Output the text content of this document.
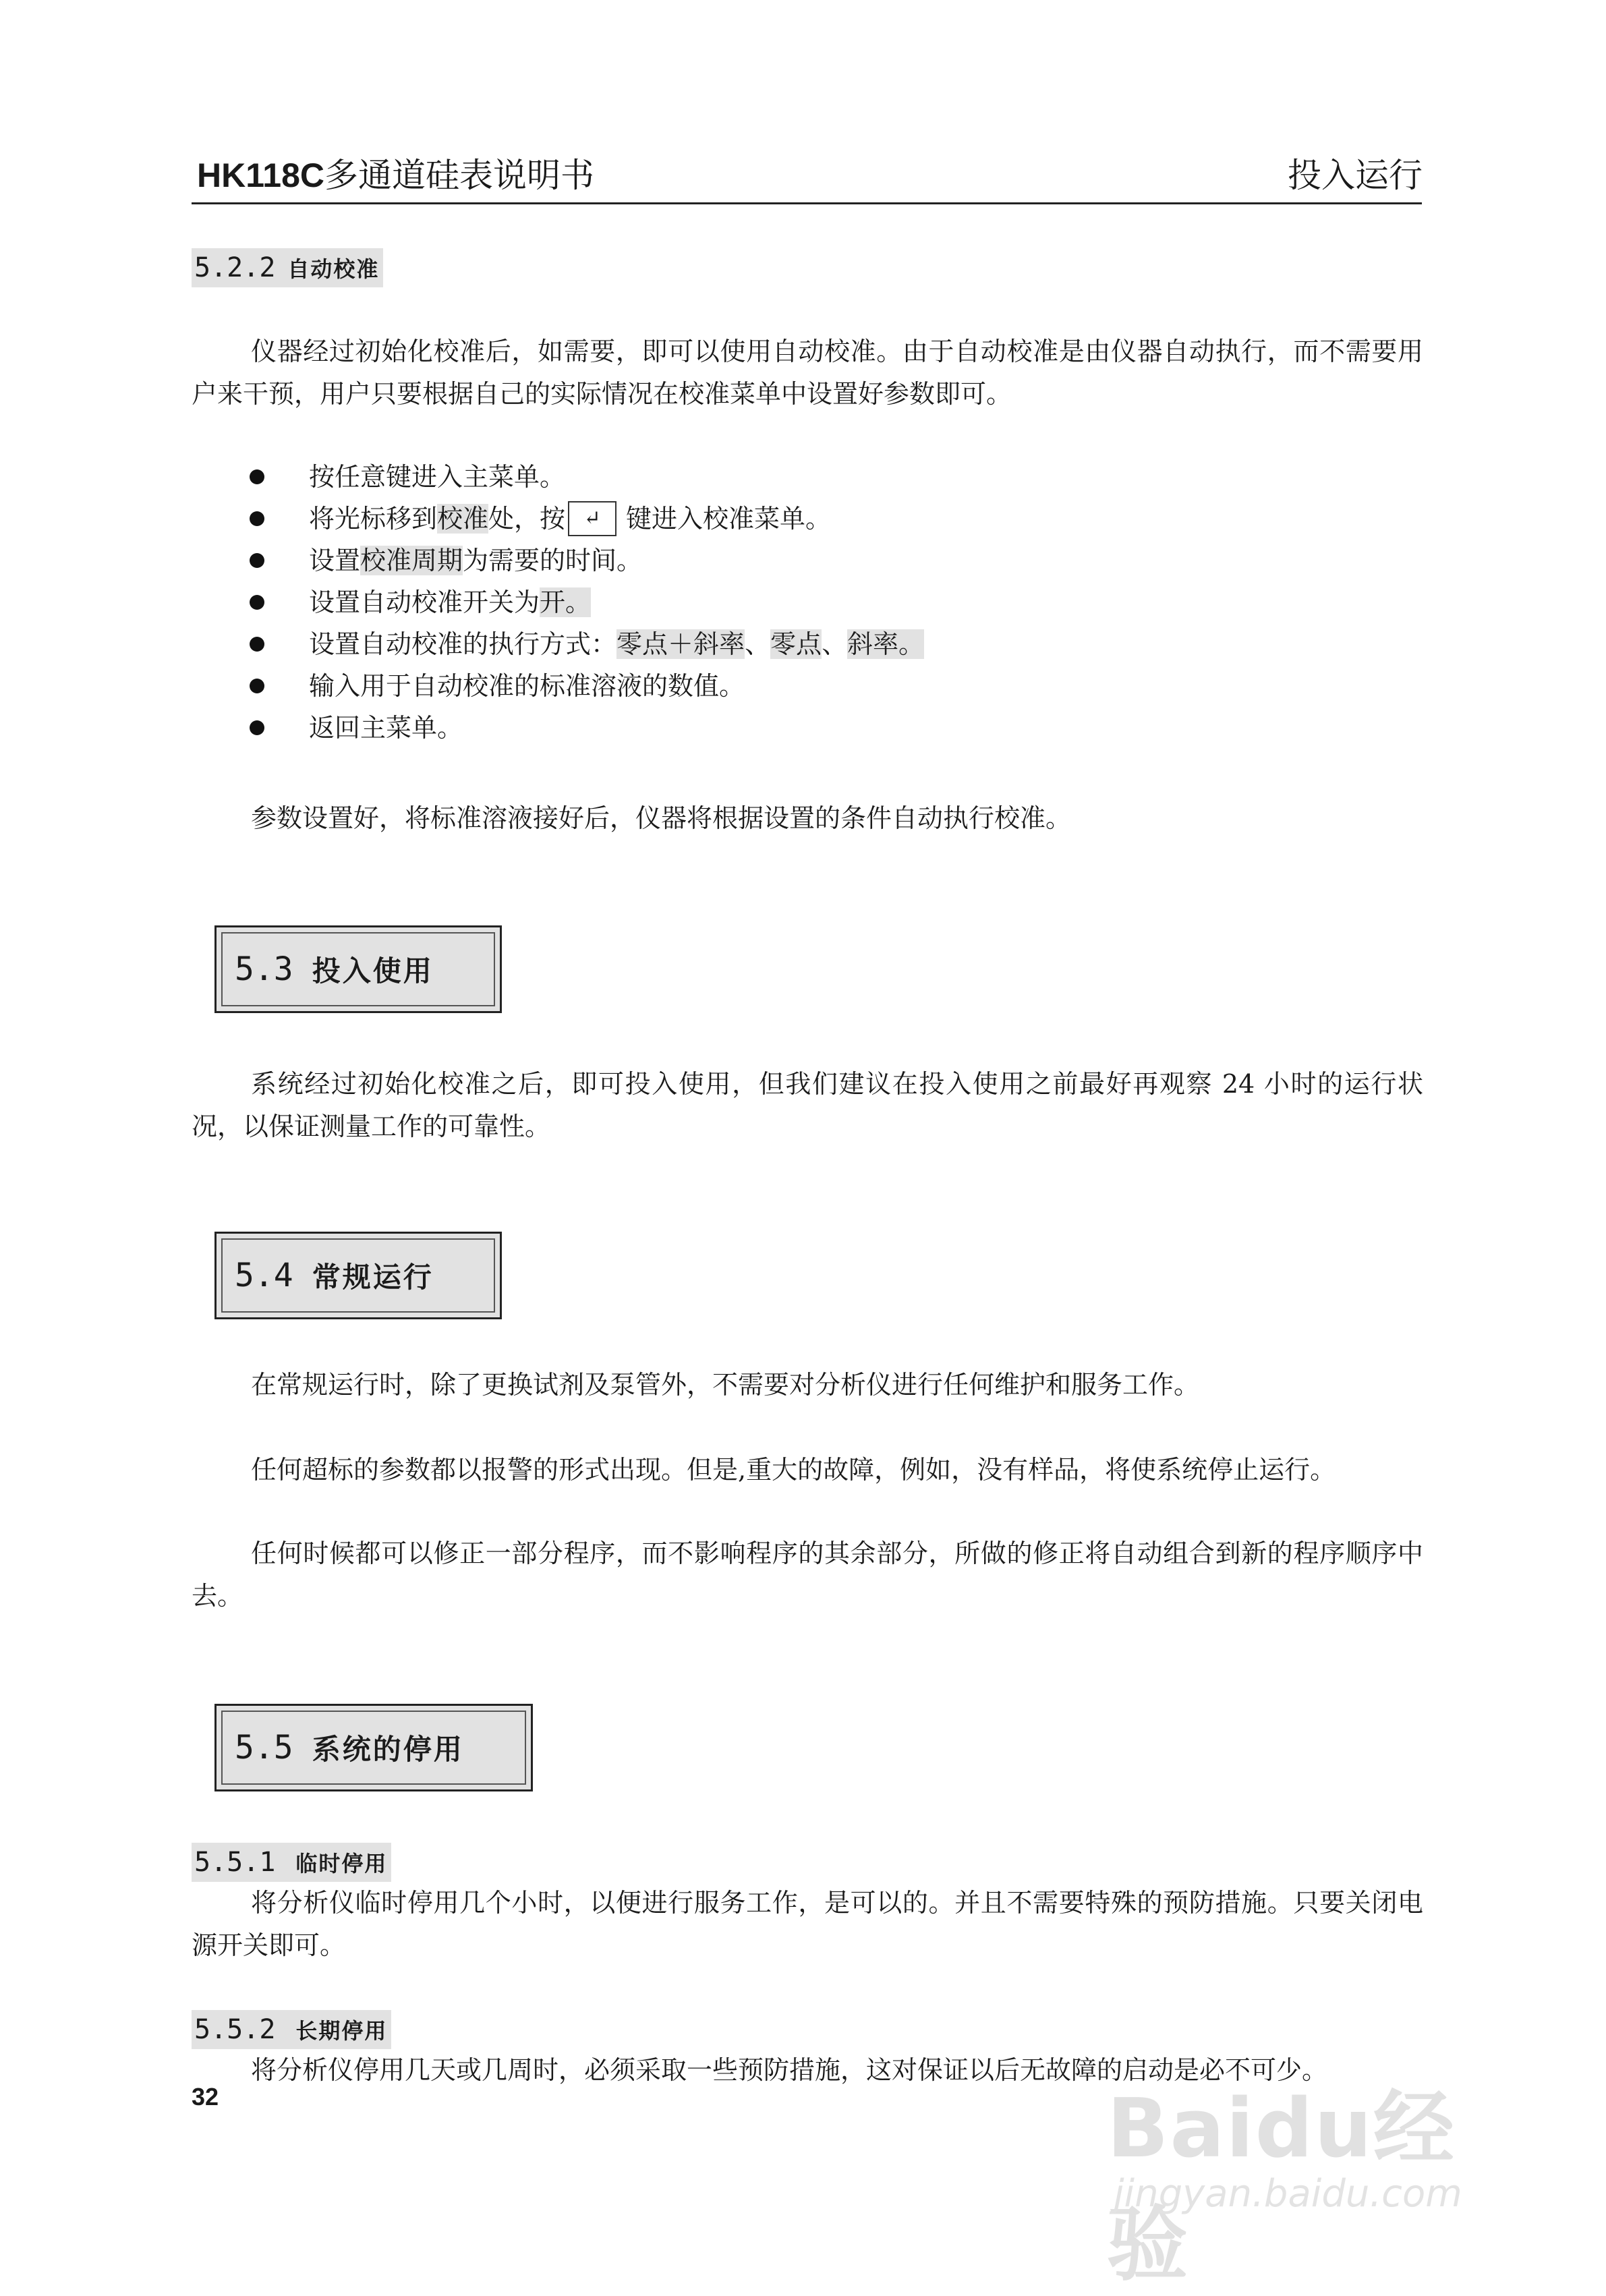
HK118C多通道硅表说明书	投入运行
5.2.2 自动校准

仪器经过初始化校准后，如需要，即可以使用自动校准。由于自动校准是由仪器自动执行，而不需要用户来干预，用户只要根据自己的实际情况在校准菜单中设置好参数即可。

按任意键进入主菜单。
将光标移到校准处，按 ↵ 键进入校准菜单。
设置校准周期为需要的时间。
设置自动校准开关为开。
设置自动校准的执行方式：零点＋斜率、零点、斜率。
输入用于自动校准的标准溶液的数值。
返回主菜单。

参数设置好，将标准溶液接好后，仪器将根据设置的条件自动执行校准。

5.3 投入使用

系统经过初始化校准之后，即可投入使用，但我们建议在投入使用之前最好再观察 24 小时的运行状况，以保证测量工作的可靠性。

5.4 常规运行

在常规运行时，除了更换试剂及泵管外，不需要对分析仪进行任何维护和服务工作。

任何超标的参数都以报警的形式出现。但是,重大的故障，例如，没有样品，将使系统停止运行。

任何时候都可以修正一部分程序，而不影响程序的其余部分，所做的修正将自动组合到新的程序顺序中去。

5.5 系统的停用
5.5.1 临时停用

将分析仪临时停用几个小时，以便进行服务工作，是可以的。并且不需要特殊的预防措施。只要关闭电源开关即可。

5.5.2 长期停用

将分析仪停用几天或几周时，必须采取一些预防措施，这对保证以后无故障的启动是必不可少。

32	Baidu经验
jingyan.baidu.com
